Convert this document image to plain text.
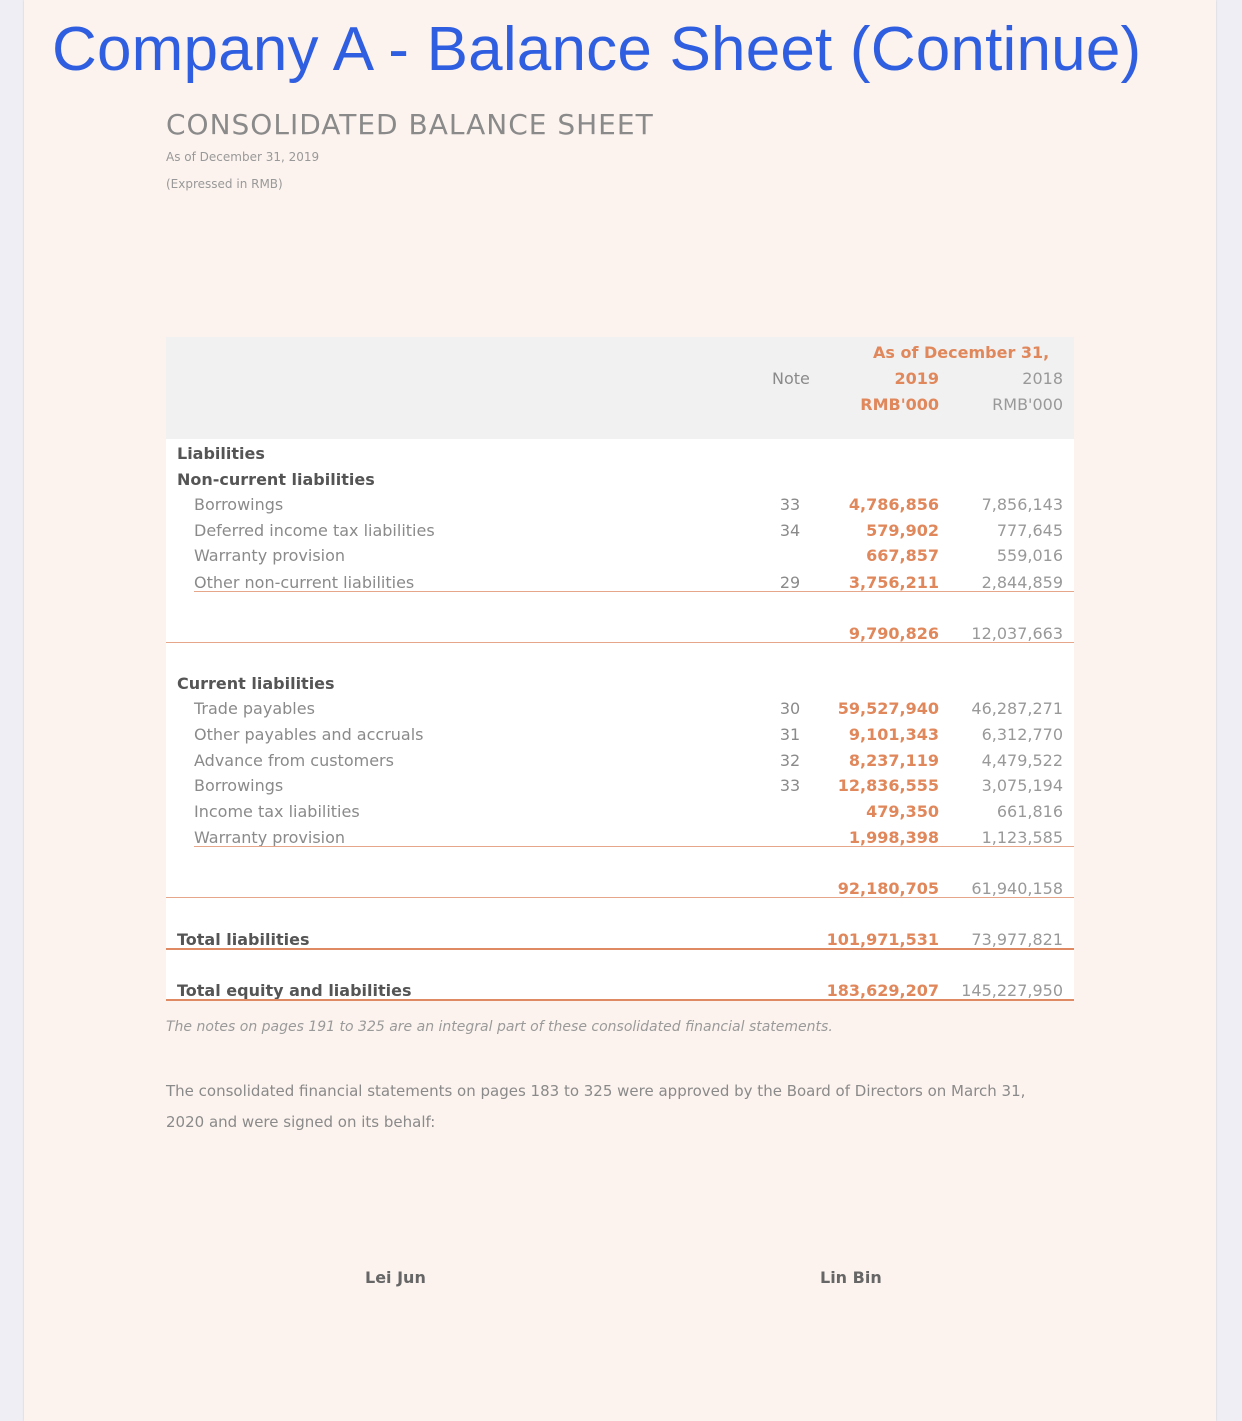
Company A - Balance Sheet (Continue)
CONSOLIDATED BALANCE SHEET
As of December 31, 2019
(Expressed in RMB)
As of December 31,
Note	2019	2018
RMB'000	RMB'000
Liabilities
Non-current liabilities
Borrowings	33	4,786,856	7,856,143
Deferred income tax liabilities	34	579,902	777,645
Warranty provision	667,857	559,016
Other non-current liabilities	29	3,756,211	2,844,859
9,790,826 12,037,663
Current liabilities
Trade payables	30	59,527,940 46,287,271
Other payables and accruals	31	9,101,343	6,312,770
Advance from customers	32	8,237,119	4,479,522
Borrowings	33	12,836,555	3,075,194
Income tax liabilities	479,350	661,816
Warranty provision	1,998,398	1,123,585
92,180,705 61,940,158
Total liabilities	101,971,531 73,977,821
Total equity and liabilities	183,629,207 145,227,950
The notes on pages 191 to 325 are an integral part of these consolidated financial statements.
The consolidated financial statements on pages 183 to 325 were approved by the Board of Directors on March 31, 2020 and were signed on its behalf:
Lei Jun	Lin Bin
